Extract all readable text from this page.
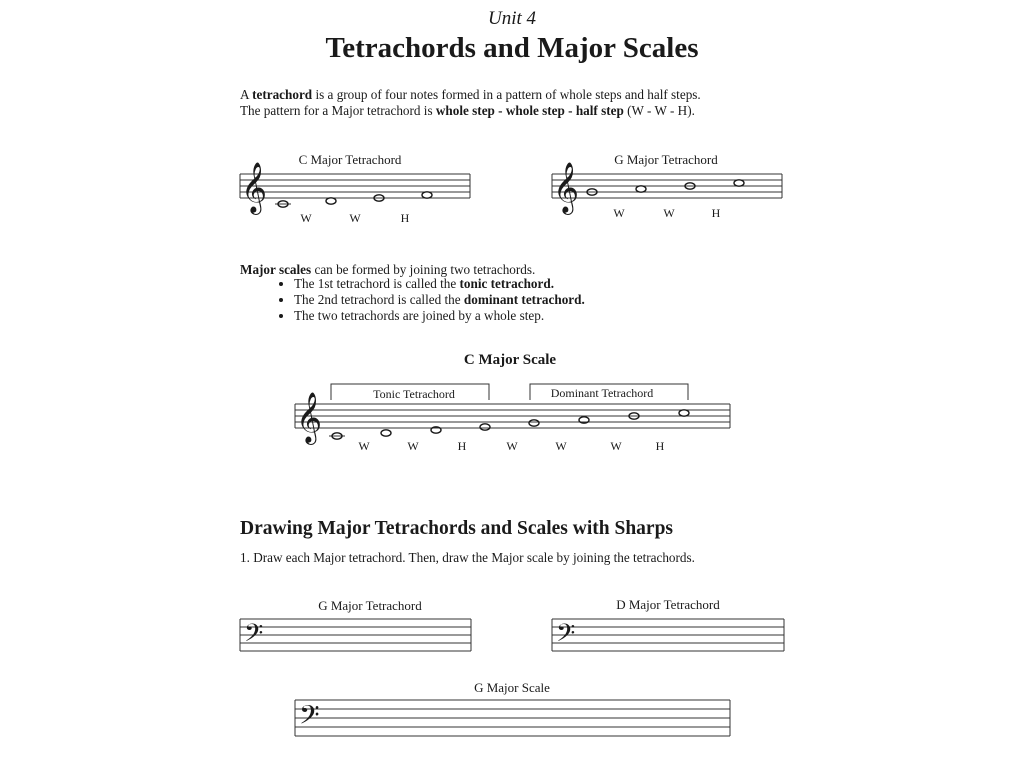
Unit 4
Tetrachords and Major Scales
A tetrachord is a group of four notes formed in a pattern of whole steps and half steps.
The pattern for a Major tetrachord is whole step - whole step - half step (W - W - H).
C Major Tetrachord	G Major Tetrachord
Major scales can be formed by joining two tetrachords.
• The 1st tetrachord is called the tonic tetrachord.
• The 2nd tetrachord is called the dominant tetrachord.
• The two tetrachords are joined by a whole step.
C Major Scale
Drawing Major Tetrachords and Scales with Sharps
1. Draw each Major tetrachord. Then, draw the Major scale by joining the tetrachords.
G Major Tetrachord	D Major Tetrachord
G Major Scale
𝄞
W	W	H
𝄞	W	W	H
Tonic Tetrachord	Dominant Tetrachord
𝄞
W	W	H	W	W	W	H
𝄢	𝄢
𝄢
